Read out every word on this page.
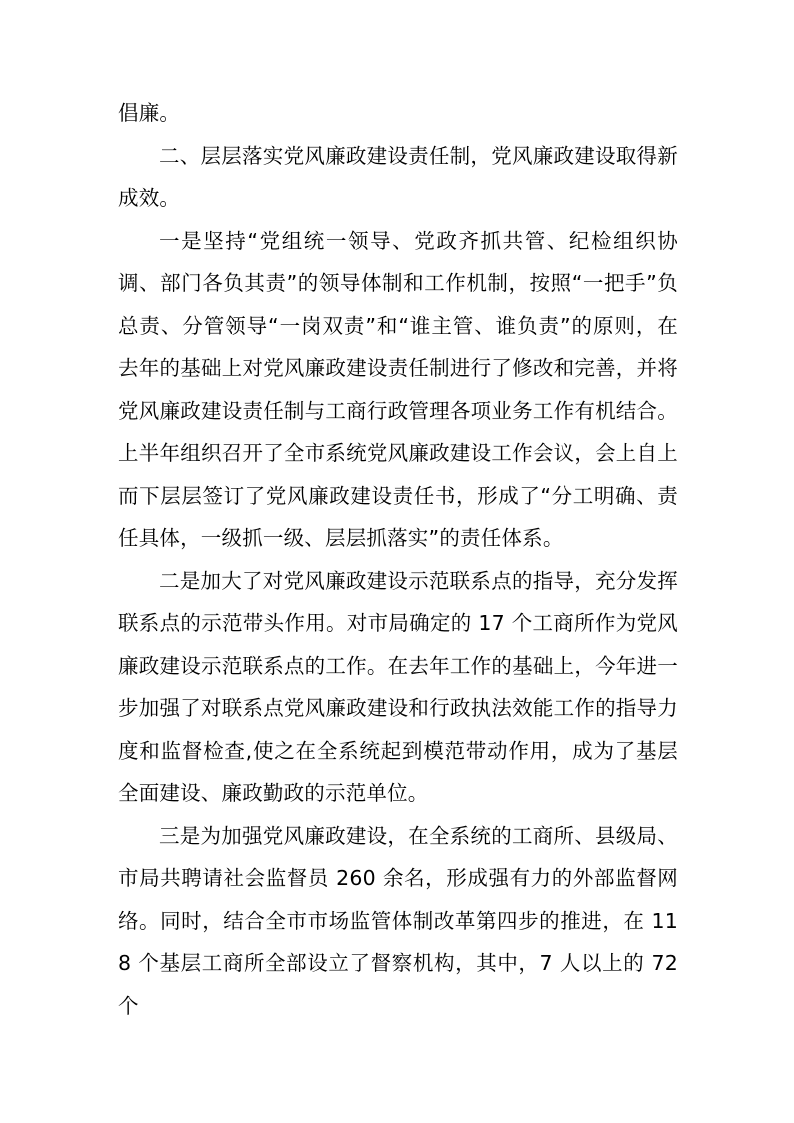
倡廉。

二、层层落实党风廉政建设责任制，党风廉政建设取得新成效。

一是坚持“党组统一领导、党政齐抓共管、纪检组织协调、部门各负其责”的领导体制和工作机制，按照“一把手”负总责、分管领导“一岗双责”和“谁主管、谁负责”的原则，在去年的基础上对党风廉政建设责任制进行了修改和完善，并将党风廉政建设责任制与工商行政管理各项业务工作有机结合。上半年组织召开了全市系统党风廉政建设工作会议，会上自上而下层层签订了党风廉政建设责任书，形成了“分工明确、责任具体，一级抓一级、层层抓落实”的责任体系。

二是加大了对党风廉政建设示范联系点的指导，充分发挥联系点的示范带头作用。对市局确定的 17 个工商所作为党风廉政建设示范联系点的工作。在去年工作的基础上，今年进一步加强了对联系点党风廉政建设和行政执法效能工作的指导力度和监督检查,使之在全系统起到模范带动作用，成为了基层全面建设、廉政勤政的示范单位。

三是为加强党风廉政建设，在全系统的工商所、县级局、市局共聘请社会监督员 260 余名，形成强有力的外部监督网络。同时，结合全市市场监管体制改革第四步的推进，在 118 个基层工商所全部设立了督察机构，其中，7 人以上的 72 个
